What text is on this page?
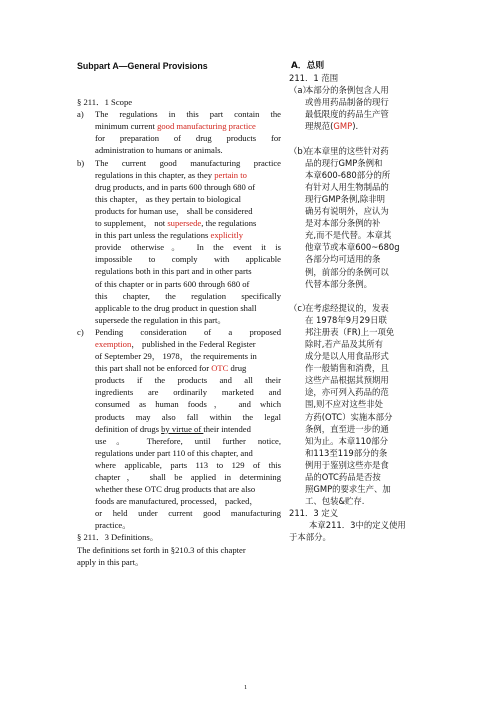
Subpart A—General Provisions
§ 211．1 Scope
a)	The regulations in this part contain the
minimum current good manufacturing practice
for preparation of drug products for
administration to humans or animals.
b)	The current good manufacturing practice
regulations in this chapter, as they pertain to
drug products, and in parts 600 through 680 of
this chapter， as they pertain to biological
products for human use， shall be considered
to supplement， not supersede, the regulations
in this part unless the regulations explicitly
provide otherwise。 In the event it is
impossible to comply with applicable
regulations both in this part and in other parts
of this chapter or in parts 600 through 680 of
this chapter, the regulation specifically
applicable to the drug product in question shall
supersede the regulation in this part。
c)	Pending consideration of a proposed
exemption， published in the Federal Register
of September 29， 1978， the requirements in
this part shall not be enforced for OTC drug
products if the products and all their
ingredients are ordinarily marketed and
consumed as human foods， and which
products may also fall within the legal
definition of drugs by virtue of their intended
use。 Therefore, until further notice,
regulations under part 110 of this chapter, and
where applicable, parts 113 to 129 of this
chapter， shall be applied in determining
whether these OTC drug products that are also
foods are manufactured, processed， packed，
or held under current good manufacturing
practice。
§ 211．3 Definitions。
The definitions set forth in §210.3 of this chapter
apply in this part。
A．总则
211．1 范围
（a）
本部分的条例包含人用
或兽用药品制备的现行
最低限度的药品生产管
理规范(GMP).
（b）
在本章里的这些针对药
品的现行GMP条例和
本章600-680部分的所
有针对人用生物制品的
现行GMP条例,除非明
确另有说明外，应认为
是对本部分条例的补
充,而不是代替。本章其
他章节或本章600~680g
各部分均可适用的条
例，前部分的条例可以
代替本部分条例。
（c）
在考虑经提议的，发表
在 1978年9月29日联
邦注册表（FR)上一项免
除时,若产品及其所有
成分是以人用食品形式
作一般销售和消费，且
这些产品根据其预期用
途，亦可列入药品的范
围,则不应对这些非处
方药(OTC）实施本部分
条例，直至进一步的通
知为止。本章110部分
和113至119部分的条
例用于鉴别这些亦是食
品的OTC药品是否按
照GMP的要求生产、加
工、包装&贮存.
211．3 定义
本章211．3中的定义使用
于本部分。
1
